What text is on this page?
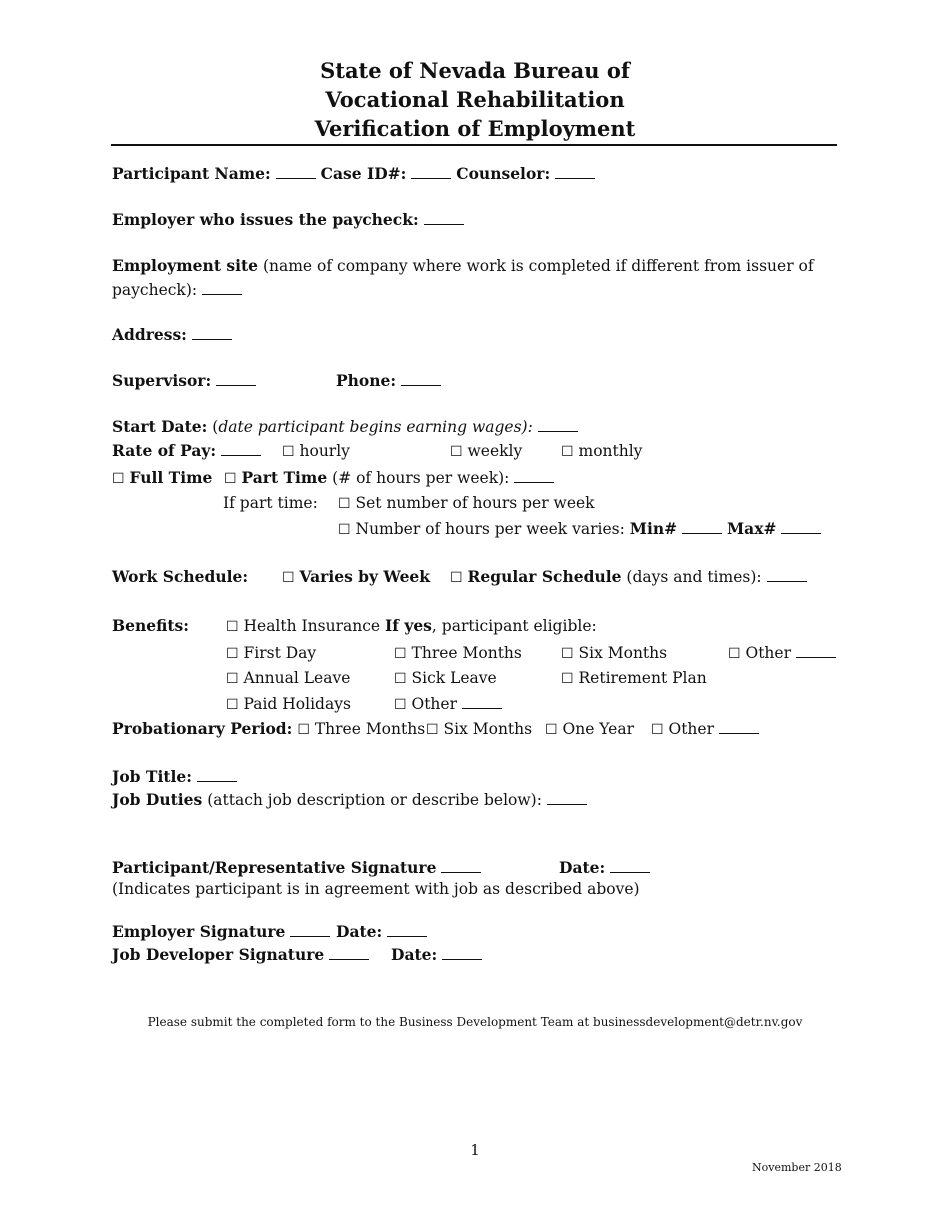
State of Nevada Bureau of
Vocational Rehabilitation
Verification of Employment
Participant Name:	Case ID#:	Counselor:
Employer who issues the paycheck:
Employment site (name of company where work is completed if different from issuer of
paycheck):
Address:
Supervisor:	Phone:
Start Date: (date participant begins earning wages):
Rate of Pay:	☐ hourly	☐ weekly	☐ monthly
☐ Full Time ☐ Part Time (# of hours per week):
If part time: ☐ Set number of hours per week
☐ Number of hours per week varies: Min#	Max#
Work Schedule: ☐ Varies by Week ☐ Regular Schedule (days and times):
Benefits:	☐ Health Insurance If yes, participant eligible:
☐ First Day	☐ Three Months	☐ Six Months	☐ Other
☐ Annual Leave	☐ Sick Leave	☐ Retirement Plan
☐ Paid Holidays	☐ Other
Probationary Period: ☐ Three Months ☐ Six Months ☐ One Year ☐ Other
Job Title:
Job Duties (attach job description or describe below):
Participant/Representative Signature	Date:
(Indicates participant is in agreement with job as described above)
Employer Signature	Date:
Job Developer Signature	Date:
Please submit the completed form to the Business Development Team at businessdevelopment@detr.nv.gov
1
November 2018
